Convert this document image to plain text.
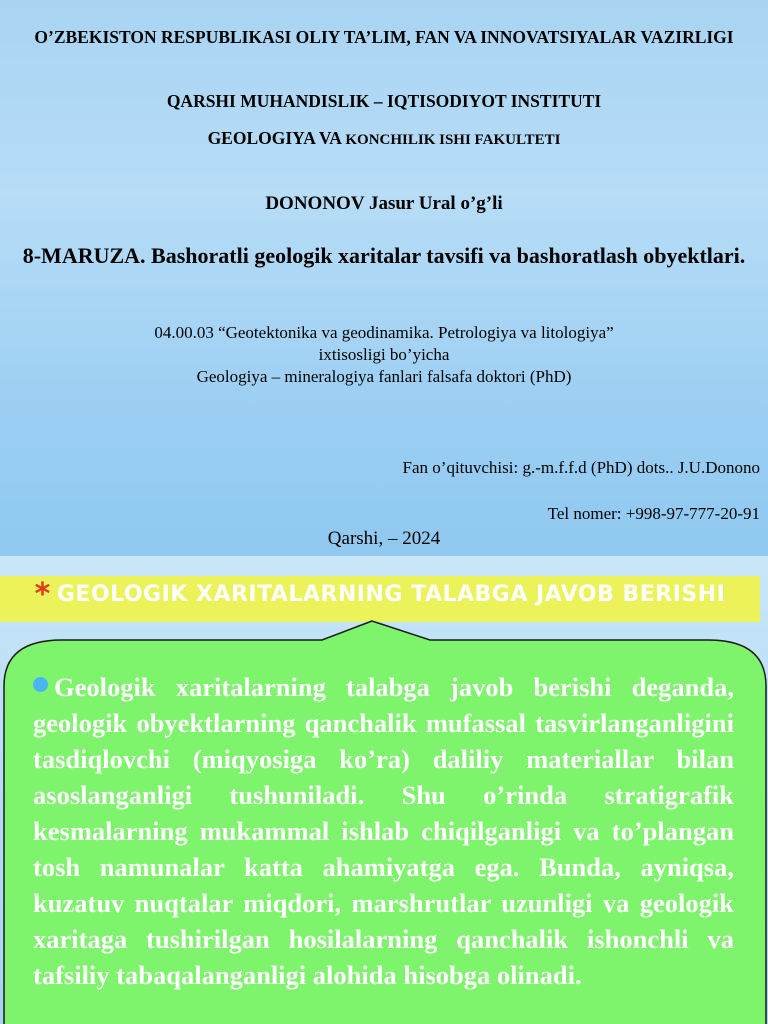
O’ZBEKISTON RESPUBLIKASI OLIY TA’LIM, FAN VA INNOVATSIYALAR VAZIRLIGI
QARSHI MUHANDISLIK – IQTISODIYOT INSTITUTI
GEOLOGIYA VA KONCHILIK ISHI FAKULTETI
DONONOV Jasur Ural o’g’li
8-MARUZA. Bashoratli geologik xaritalar tavsifi va bashoratlash obyektlari.
04.00.03 “Geotektonika va geodinamika. Petrologiya va litologiya”
ixtisosligi bo’yicha
Geologiya – mineralogiya fanlari falsafa doktori (PhD)
Fan o’qituvchisi: g.-m.f.f.d (PhD) dots.. J.U.Donono
Tel nomer: +998-97-777-20-91
Qarshi, – 2024
* GEOLOGIK XARITALARNING TALABGA JAVOB BERISHI
Geologik xaritalarning talabga javob berishi deganda, geologik obyektlarning qanchalik mufassal tasvirlanganligini tasdiqlovchi (miqyosiga ko’ra) daliliy materiallar bilan asoslanganligi tushuniladi. Shu o’rinda stratigrafik kesmalarning mukammal ishlab chiqilganligi va to’plangan tosh namunalar katta ahamiyatga ega. Bunda, ayniqsa, kuzatuv nuqtalar miqdori, marshrutlar uzunligi va geologik xaritaga tushirilgan hosilalarning qanchalik ishonchli va tafsiliy tabaqalanganligi alohida hisobga olinadi.
